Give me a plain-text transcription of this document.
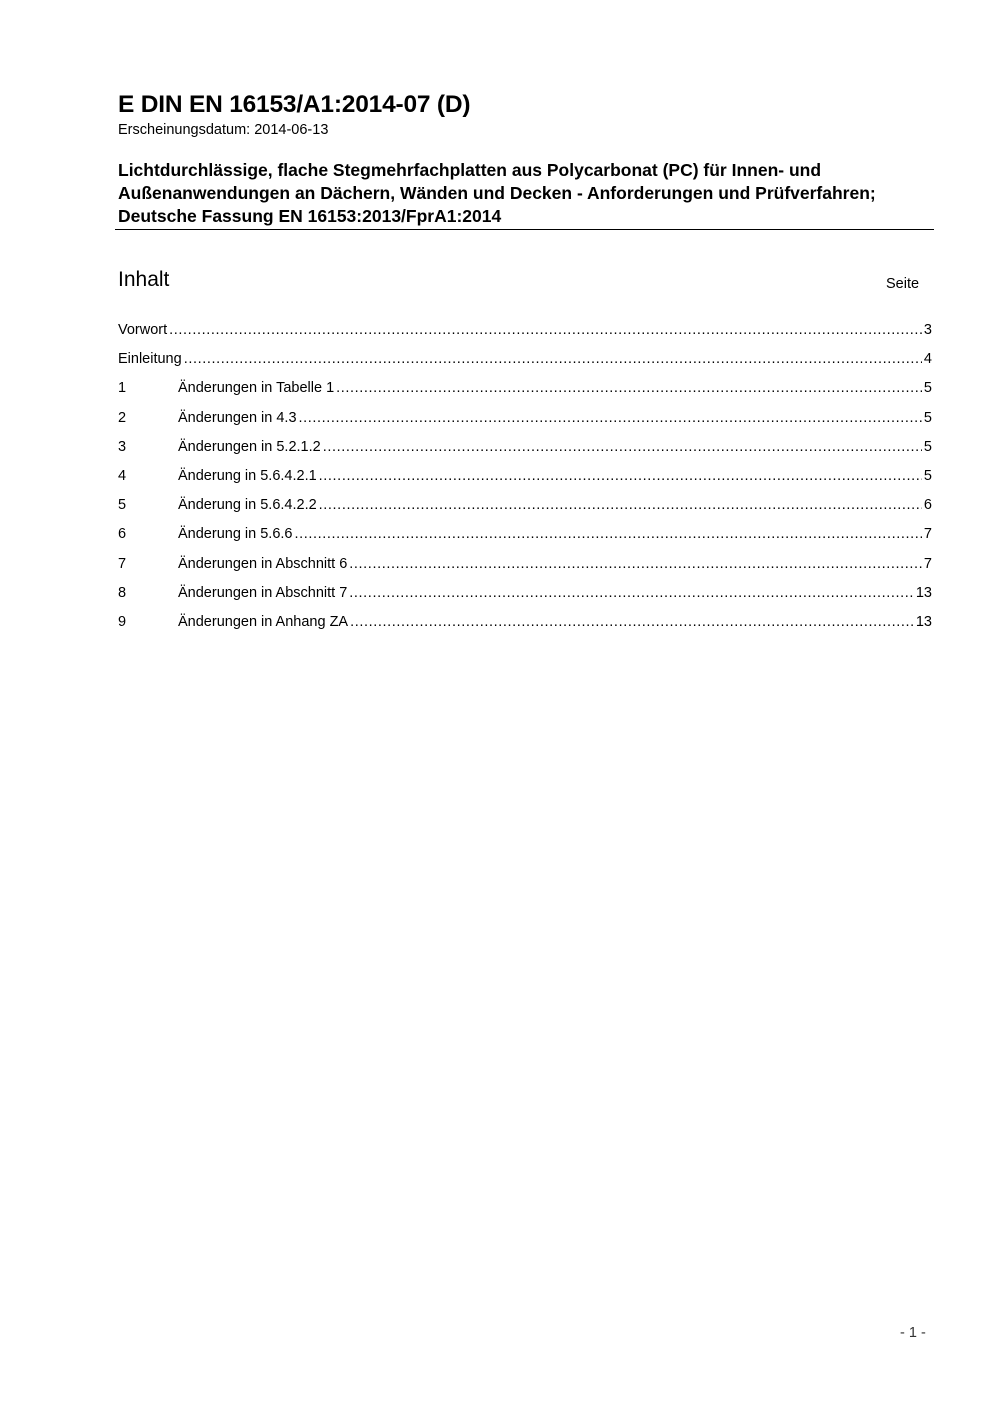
E DIN EN 16153/A1:2014-07 (D)
Erscheinungsdatum: 2014-06-13
Lichtdurchlässige, flache Stegmehrfachplatten aus Polycarbonat (PC) für Innen- und Außenanwendungen an Dächern, Wänden und Decken - Anforderungen und Prüfverfahren; Deutsche Fassung EN 16153:2013/FprA1:2014
Inhalt	Seite
Vorwort .....	3
Einleitung .....	4
1	Änderungen in Tabelle 1 .....	5
2	Änderungen in 4.3 .....	5
3	Änderungen in 5.2.1.2 .....	5
4	Änderung in 5.6.4.2.1 .....	5
5	Änderung in 5.6.4.2.2 .....	6
6	Änderung in 5.6.6 .....	7
7	Änderungen in Abschnitt 6 .....	7
8	Änderungen in Abschnitt 7 .....	13
9	Änderungen in Anhang ZA .....	13
- 1 -
